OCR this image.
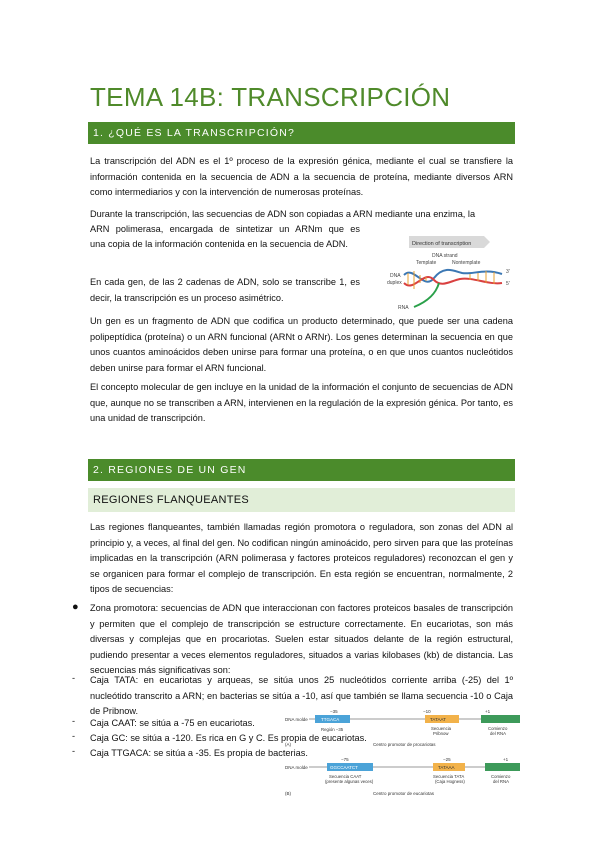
TEMA 14B: TRANSCRIPCIÓN
1. ¿QUÉ ES LA TRANSCRIPCIÓN?
La transcripción del ADN es el 1º proceso de la expresión génica, mediante el cual se transfiere la información contenida en la secuencia de ADN a la secuencia de proteína, mediante diversos ARN como intermediarios y con la intervención de numerosas proteínas.
Durante la transcripción, las secuencias de ADN son copiadas a ARN mediante una enzima, la
ARN polimerasa, encargada de sintetizar un ARNm que es
una copia de la información contenida en la secuencia de ADN.
En cada gen, de las 2 cadenas de ADN, solo se transcribe 1, es decir, la transcripción es un proceso asimétrico.
Un gen es un fragmento de ADN que codifica un producto determinado, que puede ser una cadena polipeptídica (proteína) o un ARN funcional (ARNt o ARNr). Los genes determinan la secuencia en que unos cuantos aminoácidos deben unirse para formar una proteína, o en que unos cuantos nucleótidos deben unirse para formar el ARN funcional.
El concepto molecular de gen incluye en la unidad de la información el conjunto de secuencias de ADN que, aunque no se transcriben a ARN, intervienen en la regulación de la expresión génica. Por tanto, es una unidad de transcripción.
Direction of transcription
DNA strand
Template	Nontemplate
DNA
duplex
3'
5'
RNA
2. REGIONES DE UN GEN
REGIONES FLANQUEANTES
Las regiones flanqueantes, también llamadas región promotora o reguladora, son zonas del ADN al principio y, a veces, al final del gen. No codifican ningún aminoácido, pero sirven para que las proteínas implicadas en la transcripción (ARN polimerasa y factores proteicos reguladores) reconozcan el gen y se organicen para formar el complejo de transcripción. En esta región se encuentran, normalmente, 2 tipos de secuencias:
● Zona promotora: secuencias de ADN que interaccionan con factores proteicos basales de transcripción y permiten que el complejo de transcripción se estructure correctamente. En eucariotas, son más diversas y complejas que en procariotas. Suelen estar situados delante de la región estructural, pudiendo presentar a veces elementos reguladores, situados a varias kilobases (kb) de distancia. Las secuencias más significativas son:
- Caja TATA: en eucariotas y arqueas, se sitúa unos 25 nucleótidos corriente arriba (-25) del 1º nucleótido transcrito a ARN; en bacterias se sitúa a -10, así que también se llama secuencia -10 o Caja de Pribnow.
- Caja CAAT: se sitúa a -75 en eucariotas.
- Caja GC: se sitúa a -120. Es rica en G y C. Es propia de eucariotas.
- Caja TTGACA: se sitúa a -35. Es propia de bacterias.
−35	−10	+1
DNA molde	TTGACA	TATAAT
Región −35	Secuencia
Pribnow
Comienzo
del RNA
(A)	Centro promotor de procariotas
−75	−25	+1
DNA molde	GGCCAATCT	TATAAA
Secuencia CAAT
(presente algunas veces)
Secuencia TATA
(Caja Hogness)
Comienzo
del RNA
(B)	Centro promotor de eucariotas
